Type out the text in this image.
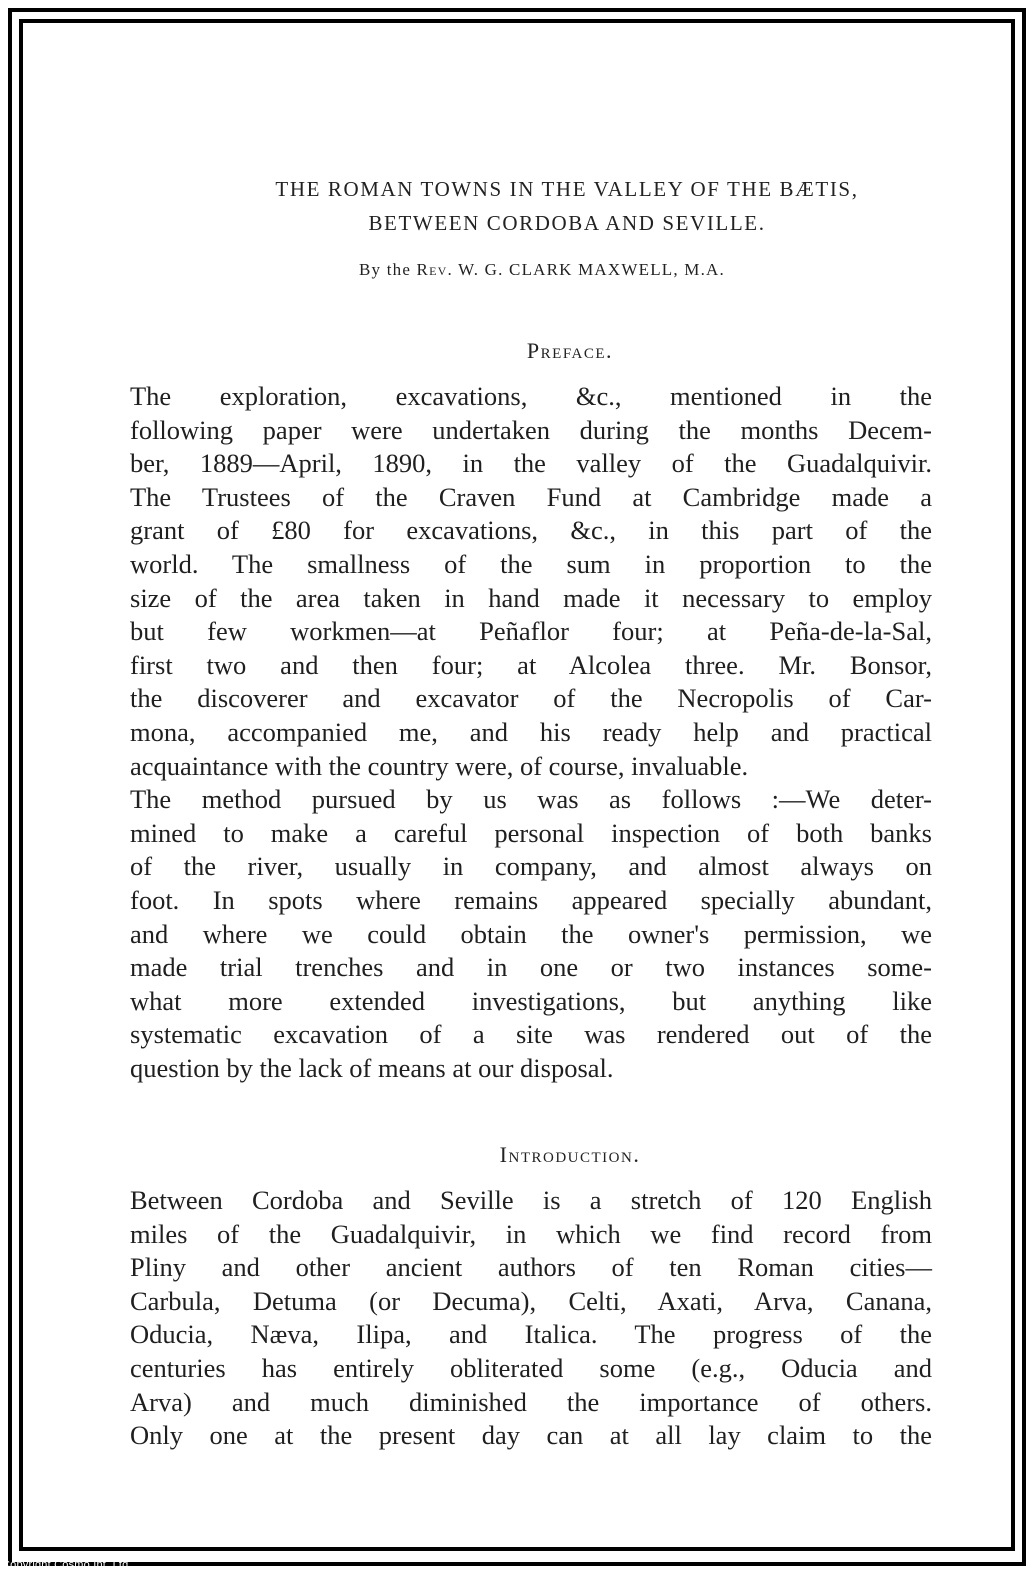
THE ROMAN TOWNS IN THE VALLEY OF THE BÆTIS,
BETWEEN CORDOBA AND SEVILLE.
By the Rev. W. G. CLARK MAXWELL, M.A.
Preface.
The exploration, excavations, &c., mentioned in the
following paper were undertaken during the months Decem-
ber, 1889—April, 1890, in the valley of the Guadalquivir.
The Trustees of the Craven Fund at Cambridge made a
grant of £80 for excavations, &c., in this part of the
world. The smallness of the sum in proportion to the
size of the area taken in hand made it necessary to employ
but few workmen—at Peñaflor four; at Peña-de-la-Sal,
first two and then four; at Alcolea three. Mr. Bonsor,
the discoverer and excavator of the Necropolis of Car-
mona, accompanied me, and his ready help and practical
acquaintance with the country were, of course, invaluable.
The method pursued by us was as follows :—We deter-
mined to make a careful personal inspection of both banks
of the river, usually in company, and almost always on
foot. In spots where remains appeared specially abundant,
and where we could obtain the owner's permission, we
made trial trenches and in one or two instances some-
what more extended investigations, but anything like
systematic excavation of a site was rendered out of the
question by the lack of means at our disposal.
Introduction.
Between Cordoba and Seville is a stretch of 120 English
miles of the Guadalquivir, in which we find record from
Pliny and other ancient authors of ten Roman cities—
Carbula, Detuma (or Decuma), Celti, Axati, Arva, Canana,
Oducia, Næva, Ilipa, and Italica. The progress of the
centuries has entirely obliterated some (e.g., Oducia and
Arva) and much diminished the importance of others.
Only one at the present day can at all lay claim to the
Copyright Cosmo Int. Ltd
